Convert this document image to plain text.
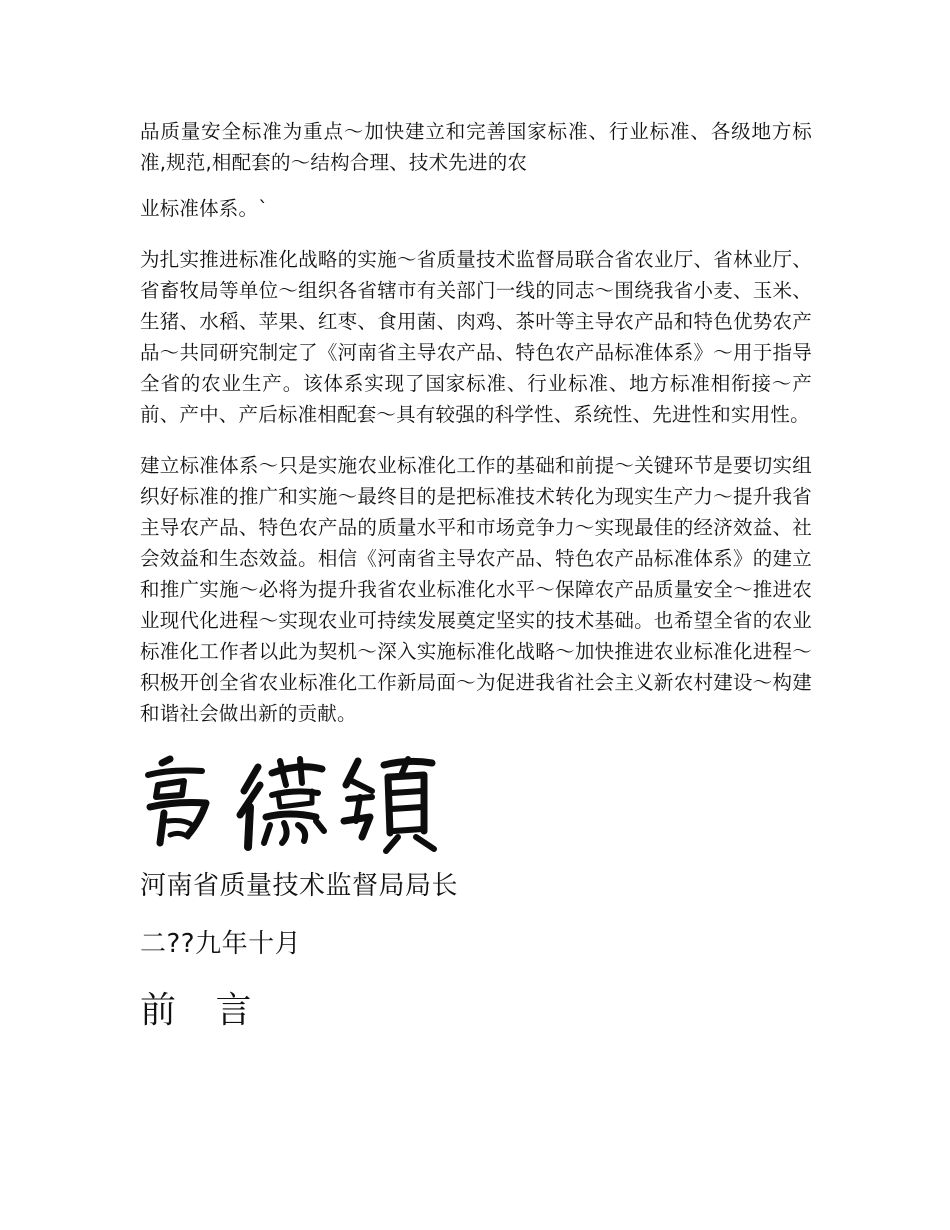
品质量安全标准为重点～加快建立和完善国家标准、行业标准、各级地方标准,规范,相配套的～结构合理、技术先进的农

业标准体系。`

为扎实推进标准化战略的实施～省质量技术监督局联合省农业厅、省林业厅、省畜牧局等单位～组织各省辖市有关部门一线的同志～围绕我省小麦、玉米、生猪、水稻、苹果、红枣、食用菌、肉鸡、茶叶等主导农产品和特色优势农产品～共同研究制定了《河南省主导农产品、特色农产品标准体系》～用于指导全省的农业生产。该体系实现了国家标准、行业标准、地方标准相衔接～产前、产中、产后标准相配套～具有较强的科学性、系统性、先进性和实用性。

建立标准体系～只是实施农业标准化工作的基础和前提～关键环节是要切实组织好标准的推广和实施～最终目的是把标准技术转化为现实生产力～提升我省主导农产品、特色农产品的质量水平和市场竞争力～实现最佳的经济效益、社会效益和生态效益。相信《河南省主导农产品、特色农产品标准体系》的建立和推广实施～必将为提升我省农业标准化水平～保障农产品质量安全～推进农业现代化进程～实现农业可持续发展奠定坚实的技术基础。也希望全省的农业标准化工作者以此为契机～深入实施标准化战略～加快推进农业标准化进程～积极开创全省农业标准化工作新局面～为促进我省社会主义新农村建设～构建和谐社会做出新的贡献。

河南省质量技术监督局局长

二??九年十月

前 言
